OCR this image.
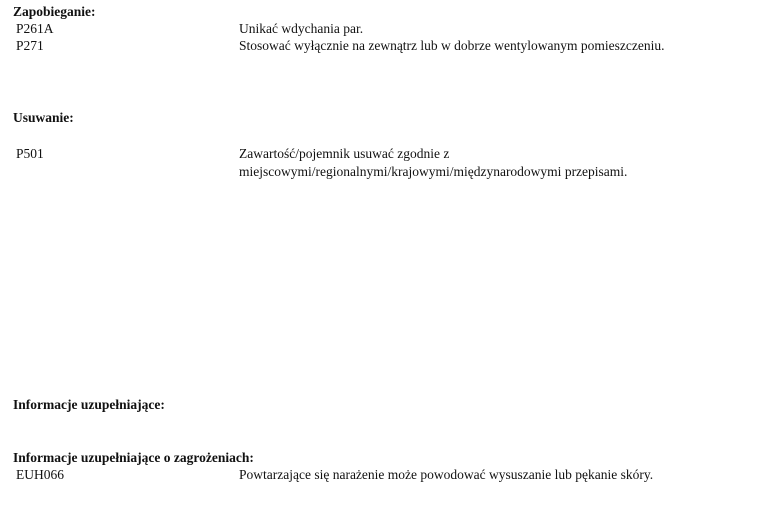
Zapobieganie:
P261A	Unikać wdychania par.
P271	Stosować wyłącznie na zewnątrz lub w dobrze wentylowanym pomieszczeniu.
Usuwanie:
P501	Zawartość/pojemnik usuwać zgodnie z
miejscowymi/regionalnymi/krajowymi/międzynarodowymi przepisami.
Informacje uzupełniające:
Informacje uzupełniające o zagrożeniach:
EUH066	Powtarzające się narażenie może powodować wysuszanie lub pękanie skóry.
